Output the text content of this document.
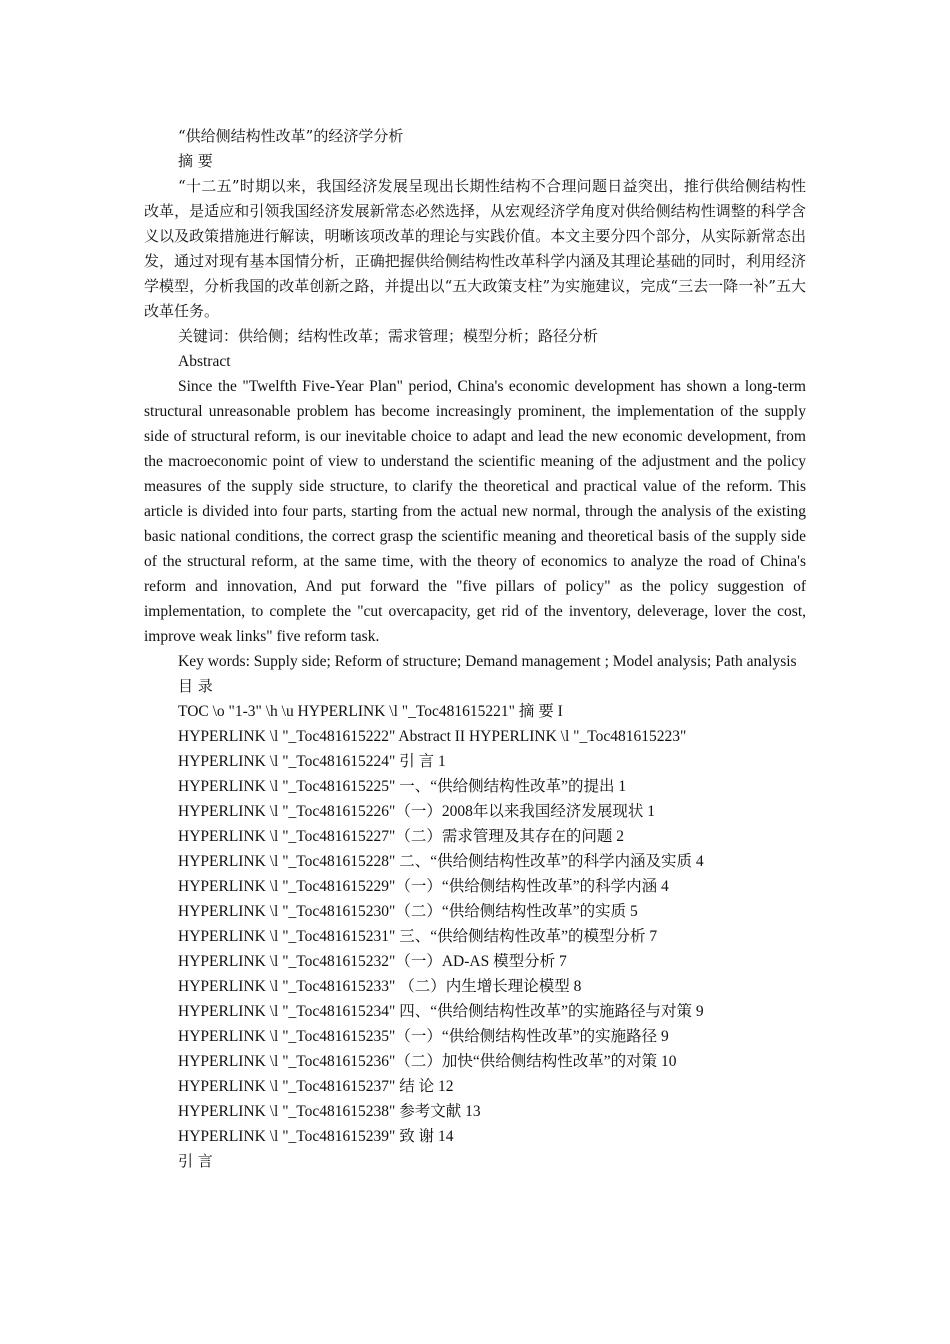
“供给侧结构性改革”的经济学分析

摘 要

“十二五”时期以来，我国经济发展呈现出长期性结构不合理问题日益突出，推行供给侧结构性改革，是适应和引领我国经济发展新常态必然选择，从宏观经济学角度对供给侧结构性调整的科学含义以及政策措施进行解读，明晰该项改革的理论与实践价值。本文主要分四个部分，从实际新常态出发，通过对现有基本国情分析，正确把握供给侧结构性改革科学内涵及其理论基础的同时，利用经济学模型，分析我国的改革创新之路，并提出以“五大政策支柱”为实施建议，完成“三去一降一补”五大改革任务。

关键词：供给侧；结构性改革；需求管理；模型分析；路径分析

Abstract

Since the "Twelfth Five-Year Plan" period, China's economic development has shown a long-term structural unreasonable problem has become increasingly prominent, the implementation of the supply side of structural reform, is our inevitable choice to adapt and lead the new economic development, from the macroeconomic point of view to understand the scientific meaning of the adjustment and the policy measures of the supply side structure, to clarify the theoretical and practical value of the reform. This article is divided into four parts, starting from the actual new normal, through the analysis of the existing basic national conditions, the correct grasp the scientific meaning and theoretical basis of the supply side of the structural reform, at the same time, with the theory of economics to analyze the road of China's reform and innovation, And put forward the "five pillars of policy" as the policy suggestion of implementation, to complete the "cut overcapacity, get rid of the inventory, deleverage, lover the cost, improve weak links" five reform task.

Key words: Supply side; Reform of structure; Demand management ; Model analysis; Path analysis

目 录

TOC \o "1-3" \h \u HYPERLINK \l "_Toc481615221" 摘 要 I

HYPERLINK \l "_Toc481615222" Abstract II HYPERLINK \l "_Toc481615223"

HYPERLINK \l "_Toc481615224" 引 言 1

HYPERLINK \l "_Toc481615225" 一、“供给侧结构性改革”的提出 1

HYPERLINK \l "_Toc481615226"（一）2008年以来我国经济发展现状 1

HYPERLINK \l "_Toc481615227"（二）需求管理及其存在的问题 2

HYPERLINK \l "_Toc481615228" 二、“供给侧结构性改革”的科学内涵及实质 4

HYPERLINK \l "_Toc481615229"（一）“供给侧结构性改革”的科学内涵 4

HYPERLINK \l "_Toc481615230"（二）“供给侧结构性改革”的实质 5

HYPERLINK \l "_Toc481615231" 三、“供给侧结构性改革”的模型分析 7

HYPERLINK \l "_Toc481615232"（一）AD-AS 模型分析 7

HYPERLINK \l "_Toc481615233" （二）内生增长理论模型 8

HYPERLINK \l "_Toc481615234" 四、“供给侧结构性改革”的实施路径与对策 9

HYPERLINK \l "_Toc481615235"（一）“供给侧结构性改革”的实施路径 9

HYPERLINK \l "_Toc481615236"（二）加快“供给侧结构性改革”的对策 10

HYPERLINK \l "_Toc481615237" 结 论 12

HYPERLINK \l "_Toc481615238" 参考文献 13

HYPERLINK \l "_Toc481615239" 致 谢 14

引 言
